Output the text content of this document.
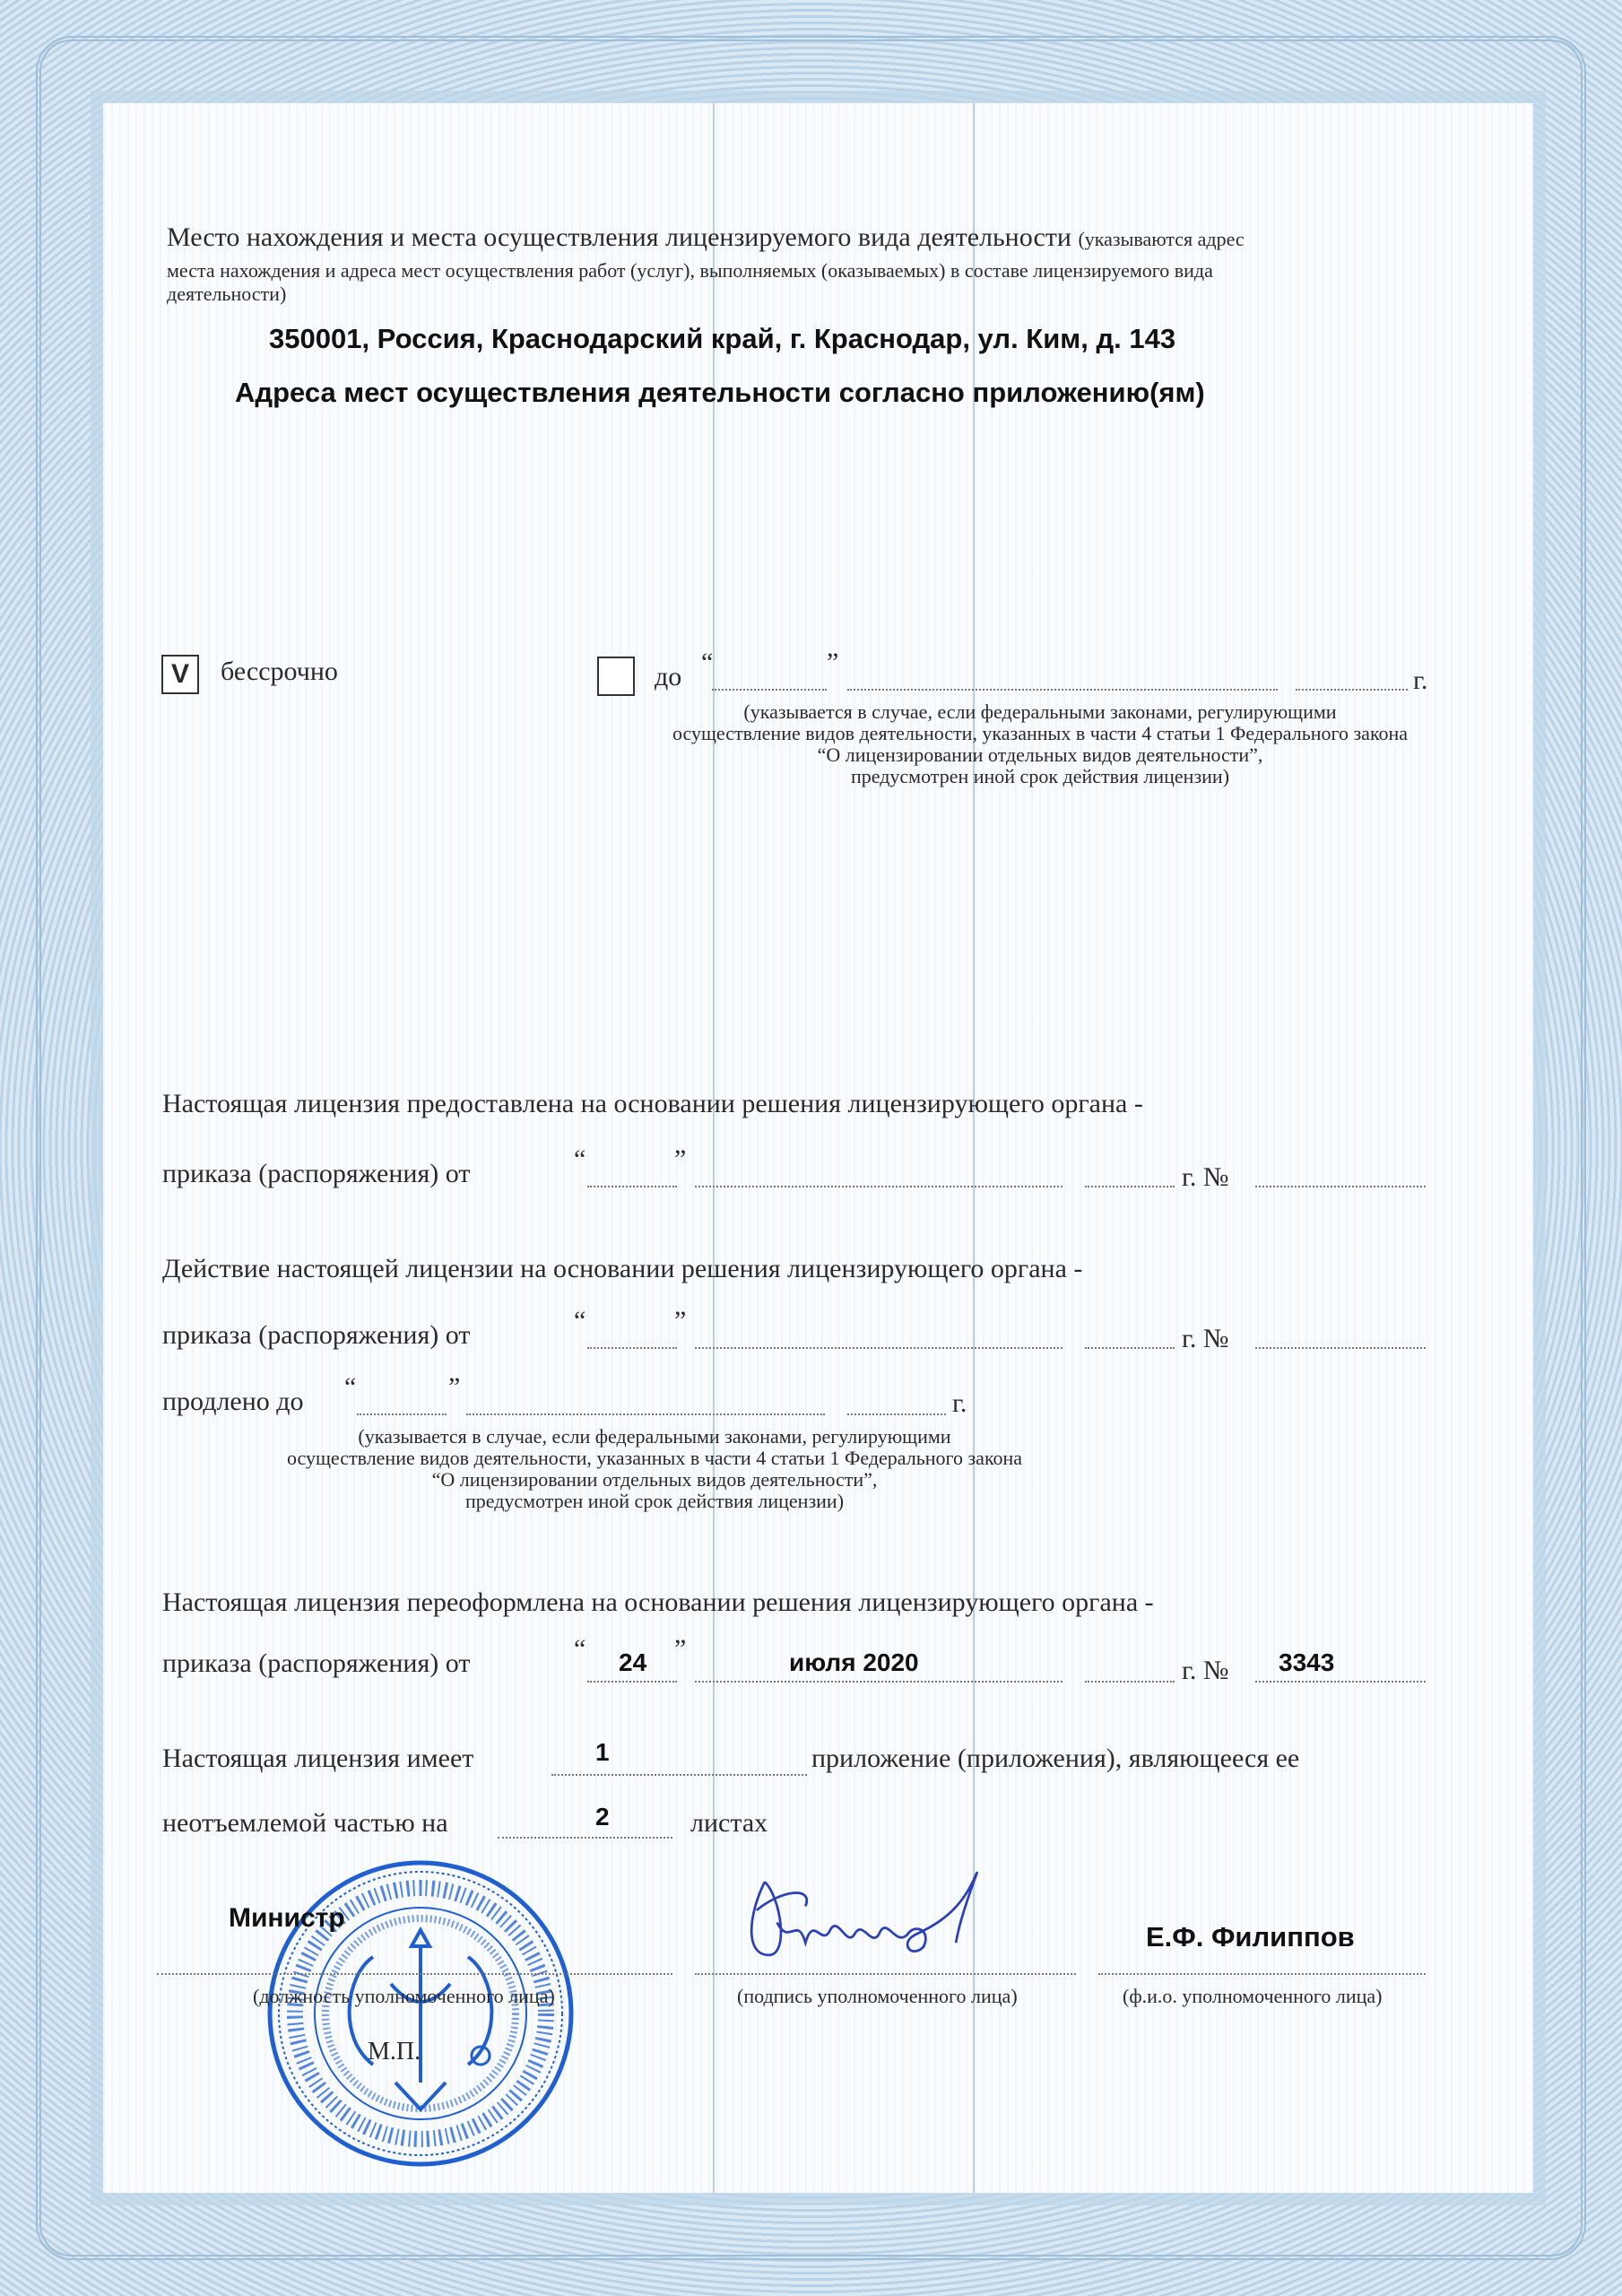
Место нахождения и места осуществления лицензируемого вида деятельности (указываются адрес
места нахождения и адреса мест осуществления работ (услуг), выполняемых (оказываемых) в составе лицензируемого вида
деятельности)
350001, Россия, Краснодарский край, г. Краснодар, ул. Ким, д. 143
Адреса мест осуществления деятельности согласно приложению(ям)
V	бессрочно	до “	”
г.
(указывается в случае, если федеральными законами, регулирующими
осуществление видов деятельности, указанных в части 4 статьи 1 Федерального закона
“О лицензировании отдельных видов деятельности”,
предусмотрен иной срок действия лицензии)
Настоящая лицензия предоставлена на основании решения лицензирующего органа -
приказа (распоряжения) от	“	”
г. №
Действие настоящей лицензии на основании решения лицензирующего органа -
приказа (распоряжения) от	“	”
г. №
продлено до “	”
г.
(указывается в случае, если федеральными законами, регулирующими
осуществление видов деятельности, указанных в части 4 статьи 1 Федерального закона
“О лицензировании отдельных видов деятельности”,
предусмотрен иной срок действия лицензии)
Настоящая лицензия переоформлена на основании решения лицензирующего органа -
приказа (распоряжения) от	“	”
24	июля 2020	г. № 3343
Настоящая лицензия имеет	1	приложение (приложения), являющееся ее
неотъемлемой частью на	2	листах
Министр
(должность уполномоченного лица)	(подпись уполномоченного лица)
Е.Ф. Филиппов
(ф.и.о. уполномоченного лица)
М.П.
